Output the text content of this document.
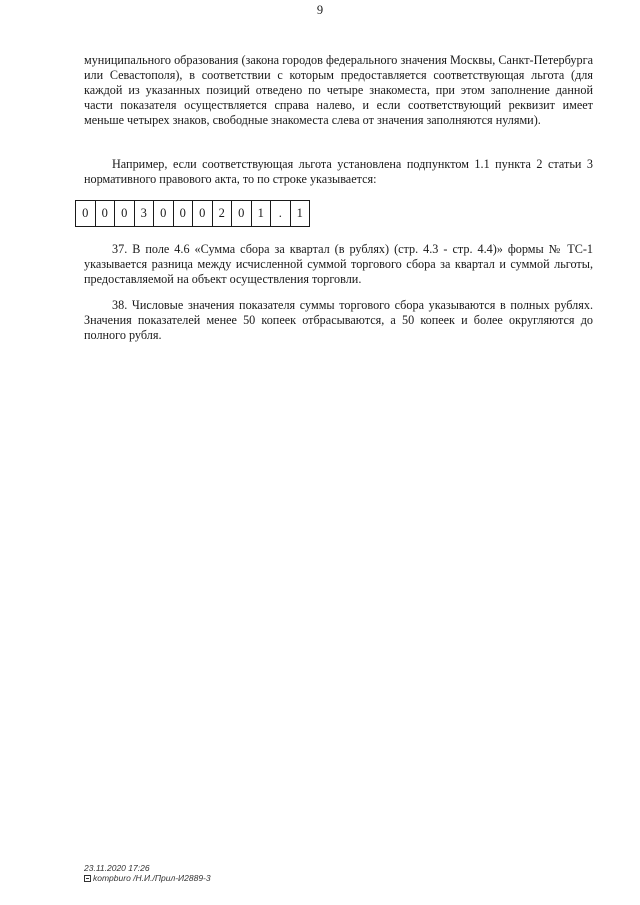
9

муниципального образования (закона городов федерального значения Москвы, Санкт-Петербурга или Севастополя), в соответствии с которым предоставляется соответствующая льгота (для каждой из указанных позиций отведено по четыре знакоместа, при этом заполнение данной части показателя осуществляется справа налево, и если соответствующий реквизит имеет меньше четырех знаков, свободные знакоместа слева от значения заполняются нулями).

Например, если соответствующая льгота установлена подпунктом 1.1 пункта 2 статьи 3 нормативного правового акта, то по строке указывается:

0	0	0	3	0	0	0	2	0	1	.	1

37. В поле 4.6 «Сумма сбора за квартал (в рублях) (стр. 4.3 - стр. 4.4)» формы № ТС-1 указывается разница между исчисленной суммой торгового сбора за квартал и суммой льготы, предоставляемой на объект осуществления торговли.

38. Числовые значения показателя суммы торгового сбора указываются в полных рублях. Значения показателей менее 50 копеек отбрасываются, а 50 копеек и более округляются до полного рубля.

23.11.2020 17:26
kompburo /Н.И./Прил-И2889-3
